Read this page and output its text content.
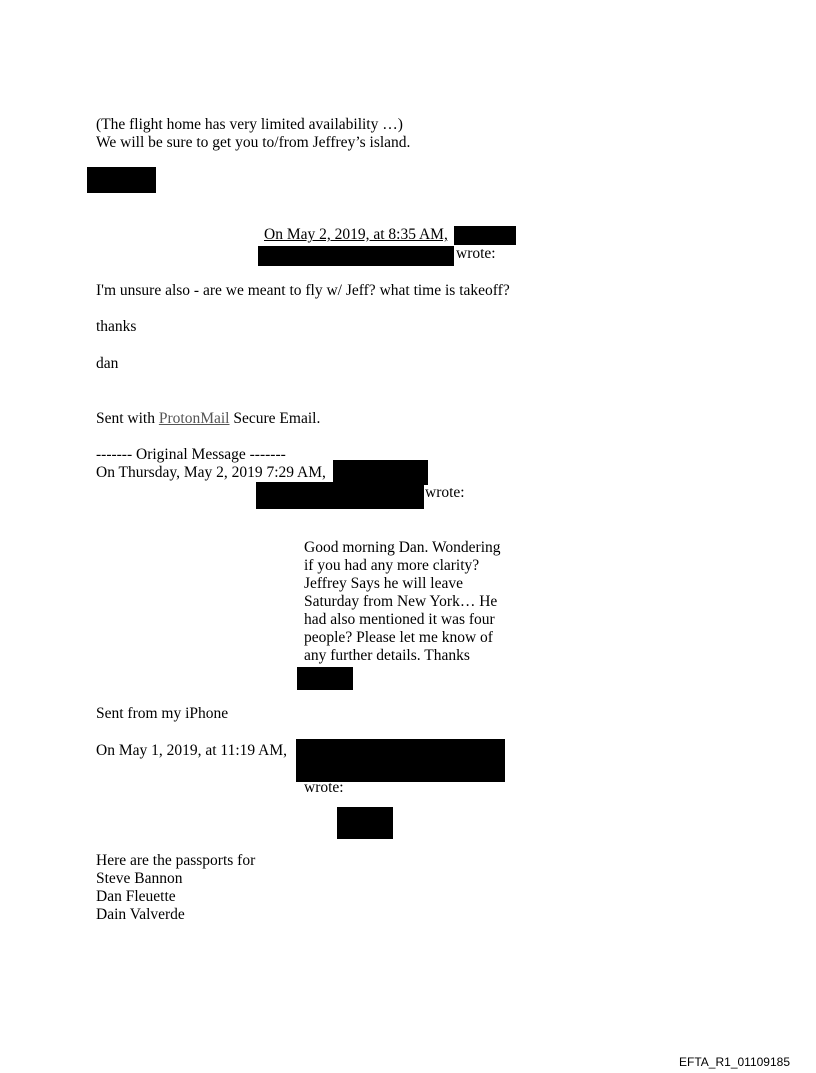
(The flight home has very limited availability …)
We will be sure to get you to/from Jeffrey’s island.
On May 2, 2019, at 8:35 AM,
wrote:
I'm unsure also - are we meant to fly w/ Jeff? what time is takeoff?
thanks
dan
Sent with ProtonMail Secure Email.
------- Original Message -------
On Thursday, May 2, 2019 7:29 AM,
wrote:
Good morning Dan. Wondering
if you had any more clarity?
Jeffrey Says he will leave
Saturday from New York… He
had also mentioned it was four
people? Please let me know of
any further details. Thanks
Sent from my iPhone
On May 1, 2019, at 11:19 AM,
wrote:
Here are the passports for
Steve Bannon
Dan Fleuette
Dain Valverde
EFTA_R1_01109185
